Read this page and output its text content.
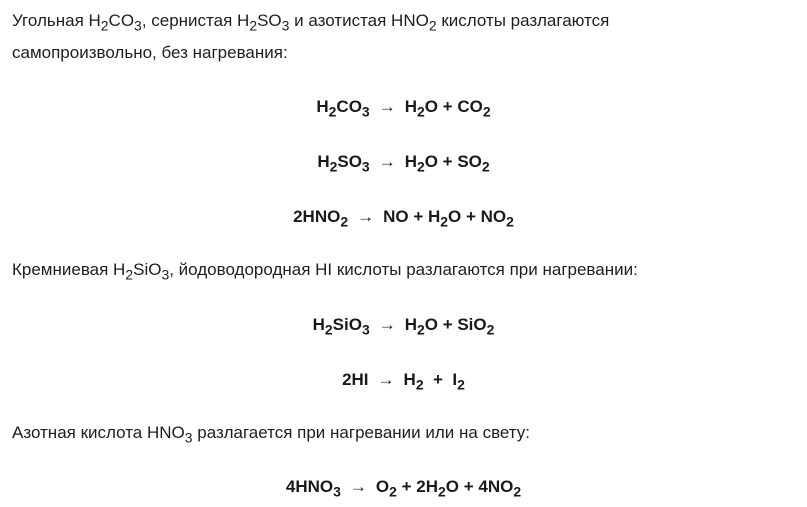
Угольная $H_2CO_3$, сернистая $H_2SO_3$ и азотистая $HNO_2$ кислоты разлагаются

самопроизвольно, без нагревания:

$H_2CO_3 \to H_2O + CO_2$

$H_2SO_3 \to H_2O + SO_2$

$2HNO_2$ → NO + $H_2O + NO_2$

Кремниевая $H_2SiO_3$, йодоводородная HI кислоты разлагаются при нагревании:

$H_2SiO_3 \to H_2O + SiO_2$

$2HI \to H_2 + I_2$

Азотная кислота $HNO_3$ разлагается при нагревании или на свету:

$4HNO_3 \to O_2 + 2H_2O + 4NO_2$
